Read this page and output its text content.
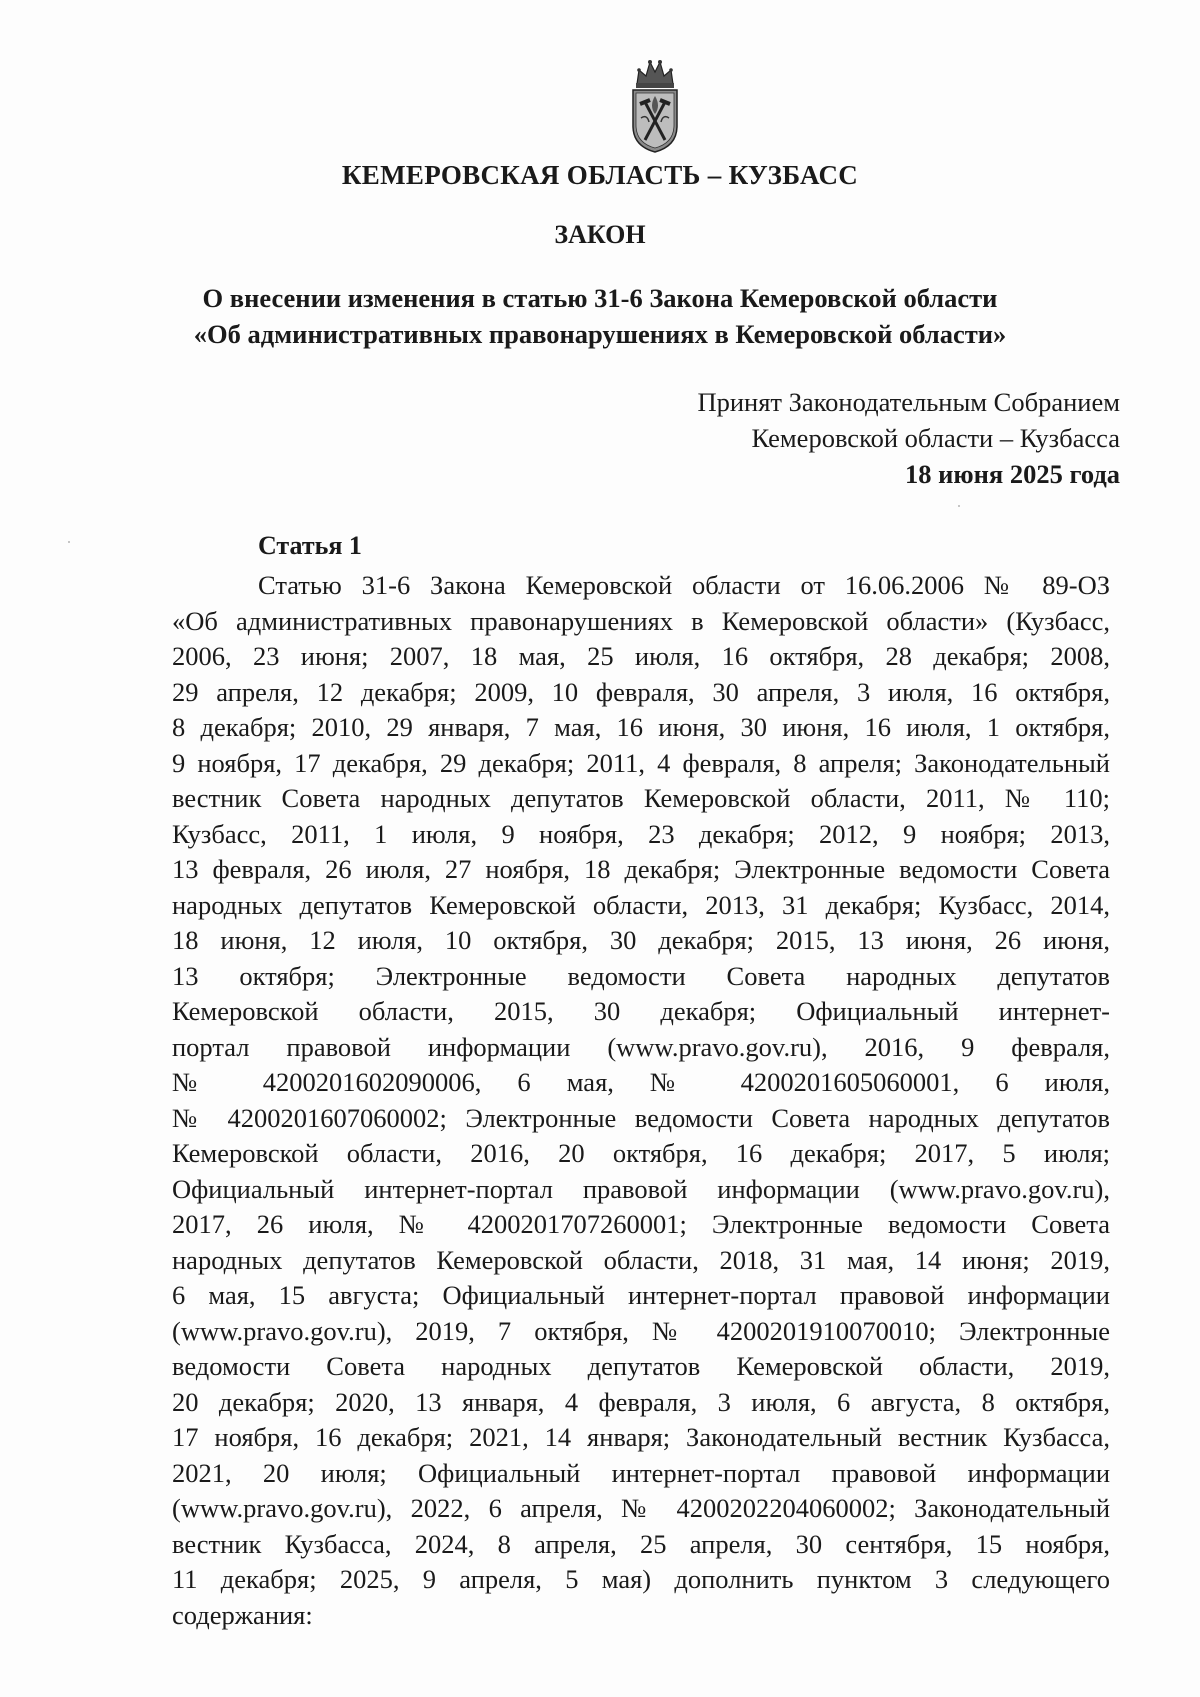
КЕМЕРОВСКАЯ ОБЛАСТЬ – КУЗБАСС
ЗАКОН
О внесении изменения в статью 31-6 Закона Кемеровской области
«Об административных правонарушениях в Кемеровской области»
Принят Законодательным Собранием
Кемеровской области – Кузбасса
18 июня 2025 года
Статья 1
Статью 31-6 Закона Кемеровской области от 16.06.2006 № 89-ОЗ
«Об административных правонарушениях в Кемеровской области» (Кузбасс,
2006, 23 июня; 2007, 18 мая, 25 июля, 16 октября, 28 декабря; 2008,
29 апреля, 12 декабря; 2009, 10 февраля, 30 апреля, 3 июля, 16 октября,
8 декабря; 2010, 29 января, 7 мая, 16 июня, 30 июня, 16 июля, 1 октября,
9 ноября, 17 декабря, 29 декабря; 2011, 4 февраля, 8 апреля; Законодательный
вестник Совета народных депутатов Кемеровской области, 2011, № 110;
Кузбасс, 2011, 1 июля, 9 ноября, 23 декабря; 2012, 9 ноября; 2013,
13 февраля, 26 июля, 27 ноября, 18 декабря; Электронные ведомости Совета
народных депутатов Кемеровской области, 2013, 31 декабря; Кузбасс, 2014,
18 июня, 12 июля, 10 октября, 30 декабря; 2015, 13 июня, 26 июня,
13 октября; Электронные ведомости Совета народных депутатов
Кемеровской области, 2015, 30 декабря; Официальный интернет-
портал правовой информации (www.pravo.gov.ru), 2016, 9 февраля,
№ 4200201602090006, 6 мая, № 4200201605060001, 6 июля,
№ 4200201607060002; Электронные ведомости Совета народных депутатов
Кемеровской области, 2016, 20 октября, 16 декабря; 2017, 5 июля;
Официальный интернет-портал правовой информации (www.pravo.gov.ru),
2017, 26 июля, № 4200201707260001; Электронные ведомости Совета
народных депутатов Кемеровской области, 2018, 31 мая, 14 июня; 2019,
6 мая, 15 августа; Официальный интернет-портал правовой информации
(www.pravo.gov.ru), 2019, 7 октября, № 4200201910070010; Электронные
ведомости Совета народных депутатов Кемеровской области, 2019,
20 декабря; 2020, 13 января, 4 февраля, 3 июля, 6 августа, 8 октября,
17 ноября, 16 декабря; 2021, 14 января; Законодательный вестник Кузбасса,
2021, 20 июля; Официальный интернет-портал правовой информации
(www.pravo.gov.ru), 2022, 6 апреля, № 4200202204060002; Законодательный
вестник Кузбасса, 2024, 8 апреля, 25 апреля, 30 сентября, 15 ноября,
11 декабря; 2025, 9 апреля, 5 мая) дополнить пунктом 3 следующего
содержания:
